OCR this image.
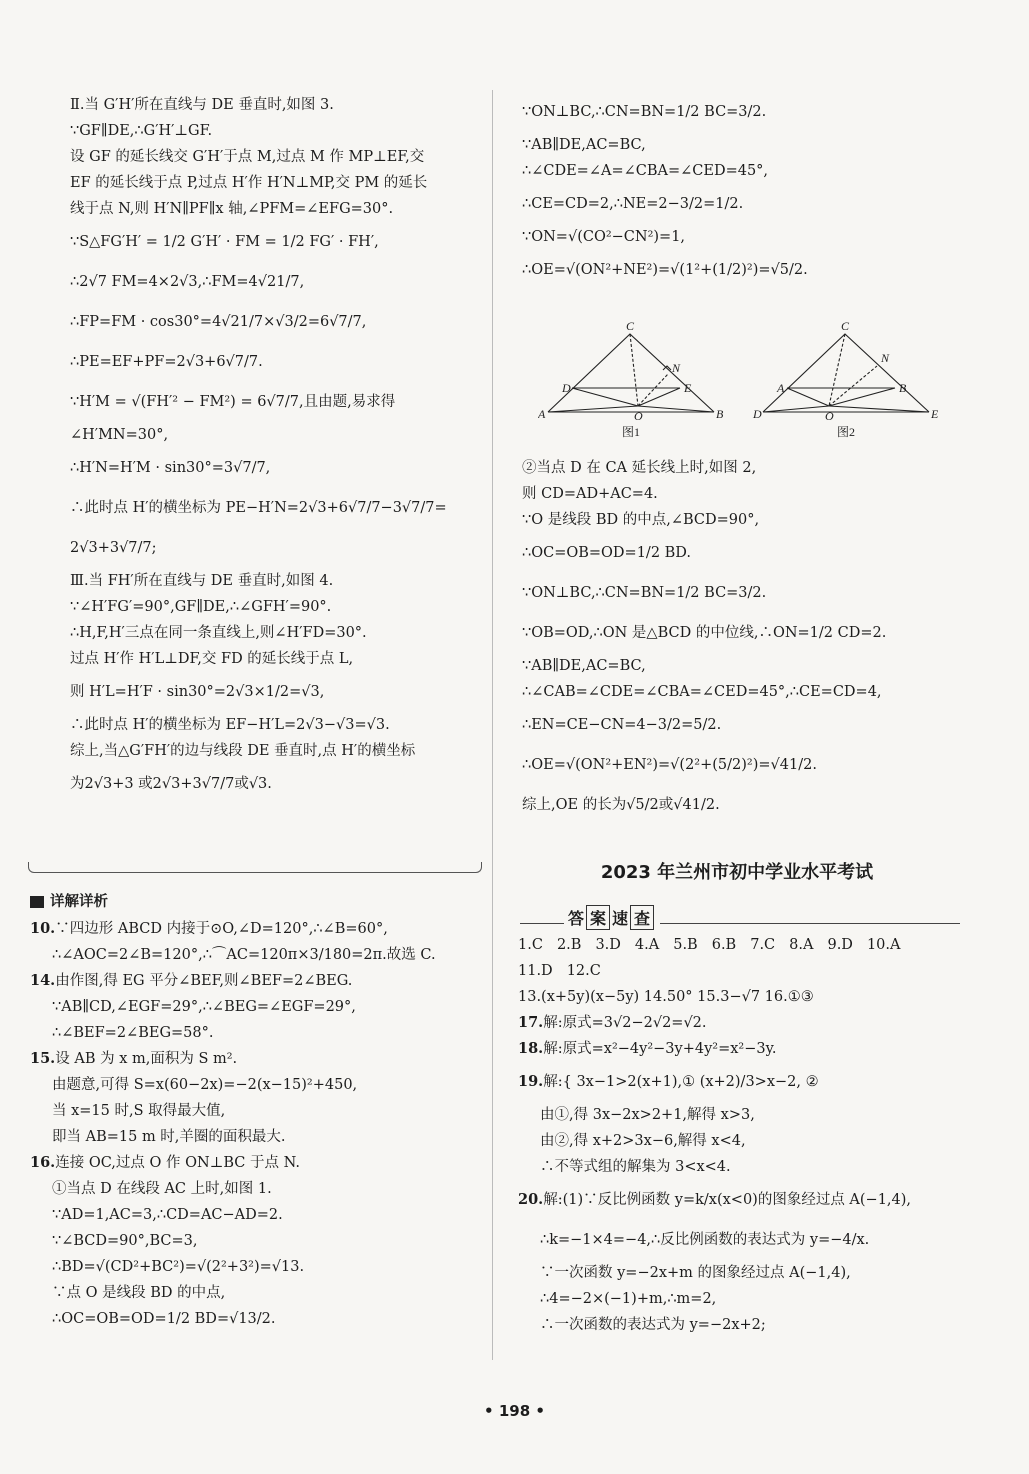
Ⅱ.当 G′H′所在直线与 DE 垂直时,如图 3.
∵GF∥DE,∴G′H′⊥GF.
设 GF 的延长线交 G′H′于点 M,过点 M 作 MP⊥EF,交
EF 的延长线于点 P,过点 H′作 H′N⊥MP,交 PM 的延长
线于点 N,则 H′N∥PF∥x 轴,∠PFM=∠EFG=30°.
∵S△FG′H′ = 1/2 G′H′ · FM = 1/2 FG′ · FH′,
∴2√7 FM=4×2√3,∴FM=4√21/7,
∴FP=FM · cos30°=4√21/7×√3/2=6√7/7,
∴PE=EF+PF=2√3+6√7/7.
∵H′M = √(FH′² − FM²) = 6√7/7,且由题,易求得
∠H′MN=30°,
∴H′N=H′M · sin30°=3√7/7,
∴此时点 H′的横坐标为 PE−H′N=2√3+6√7/7−3√7/7=
2√3+3√7/7;
Ⅲ.当 FH′所在直线与 DE 垂直时,如图 4.
∵∠H′FG′=90°,GF∥DE,∴∠GFH′=90°.
∴H,F,H′三点在同一条直线上,则∠H′FD=30°.
过点 H′作 H′L⊥DF,交 FD 的延长线于点 L,
则 H′L=H′F · sin30°=2√3×1/2=√3,
∴此时点 H′的横坐标为 EF−H′L=2√3−√3=√3.
综上,当△G′FH′的边与线段 DE 垂直时,点 H′的横坐标
为2√3+3 或2√3+3√7/7或√3.
详解详析
10.∵四边形 ABCD 内接于⊙O,∠D=120°,∴∠B=60°,
∴∠AOC=2∠B=120°,∴⌒AC=120π×3/180=2π.故选 C.
14.由作图,得 EG 平分∠BEF,则∠BEF=2∠BEG.
∵AB∥CD,∠EGF=29°,∴∠BEG=∠EGF=29°,
∴∠BEF=2∠BEG=58°.
15.设 AB 为 x m,面积为 S m².
由题意,可得 S=x(60−2x)=−2(x−15)²+450,
当 x=15 时,S 取得最大值,
即当 AB=15 m 时,羊圈的面积最大.
16.连接 OC,过点 O 作 ON⊥BC 于点 N.
①当点 D 在线段 AC 上时,如图 1.
∵AD=1,AC=3,∴CD=AC−AD=2.
∵∠BCD=90°,BC=3,
∴BD=√(CD²+BC²)=√(2²+3²)=√13.
∵点 O 是线段 BD 的中点,
∴OC=OB=OD=1/2 BD=√13/2.
∵ON⊥BC,∴CN=BN=1/2 BC=3/2.
∵AB∥DE,AC=BC,
∴∠CDE=∠A=∠CBA=∠CED=45°,
∴CE=CD=2,∴NE=2−3/2=1/2.
∵ON=√(CO²−CN²)=1,
∴OE=√(ON²+NE²)=√(1²+(1/2)²)=√5/2.
C
N
D	E
A	O	B
图1
C
N
A	B
D	O	E
图2
②当点 D 在 CA 延长线上时,如图 2,
则 CD=AD+AC=4.
∵O 是线段 BD 的中点,∠BCD=90°,
∴OC=OB=OD=1/2 BD.
∵ON⊥BC,∴CN=BN=1/2 BC=3/2.
∵OB=OD,∴ON 是△BCD 的中位线,∴ON=1/2 CD=2.
∵AB∥DE,AC=BC,
∴∠CAB=∠CDE=∠CBA=∠CED=45°,∴CE=CD=4,
∴EN=CE−CN=4−3/2=5/2.
∴OE=√(ON²+EN²)=√(2²+(5/2)²)=√41/2.
综上,OE 的长为√5/2或√41/2.
2023 年兰州市初中学业水平考试
答 案 速 查
1.C 2.B 3.D 4.A 5.B 6.B 7.C 8.A 9.D 10.A
11.D 12.C
13.(x+5y)(x−5y) 14.50° 15.3−√7 16.①③
17.解:原式=3√2−2√2=√2.
18.解:原式=x²−4y²−3y+4y²=x²−3y.
19.解:{ 3x−1>2(x+1),① (x+2)/3>x−2, ②
由①,得 3x−2x>2+1,解得 x>3,
由②,得 x+2>3x−6,解得 x<4,
∴不等式组的解集为 3<x<4.
20.解:(1)∵反比例函数 y=k/x(x<0)的图象经过点 A(−1,4),
∴k=−1×4=−4,∴反比例函数的表达式为 y=−4/x.
∵一次函数 y=−2x+m 的图象经过点 A(−1,4),
∴4=−2×(−1)+m,∴m=2,
∴一次函数的表达式为 y=−2x+2;
• 198 •
